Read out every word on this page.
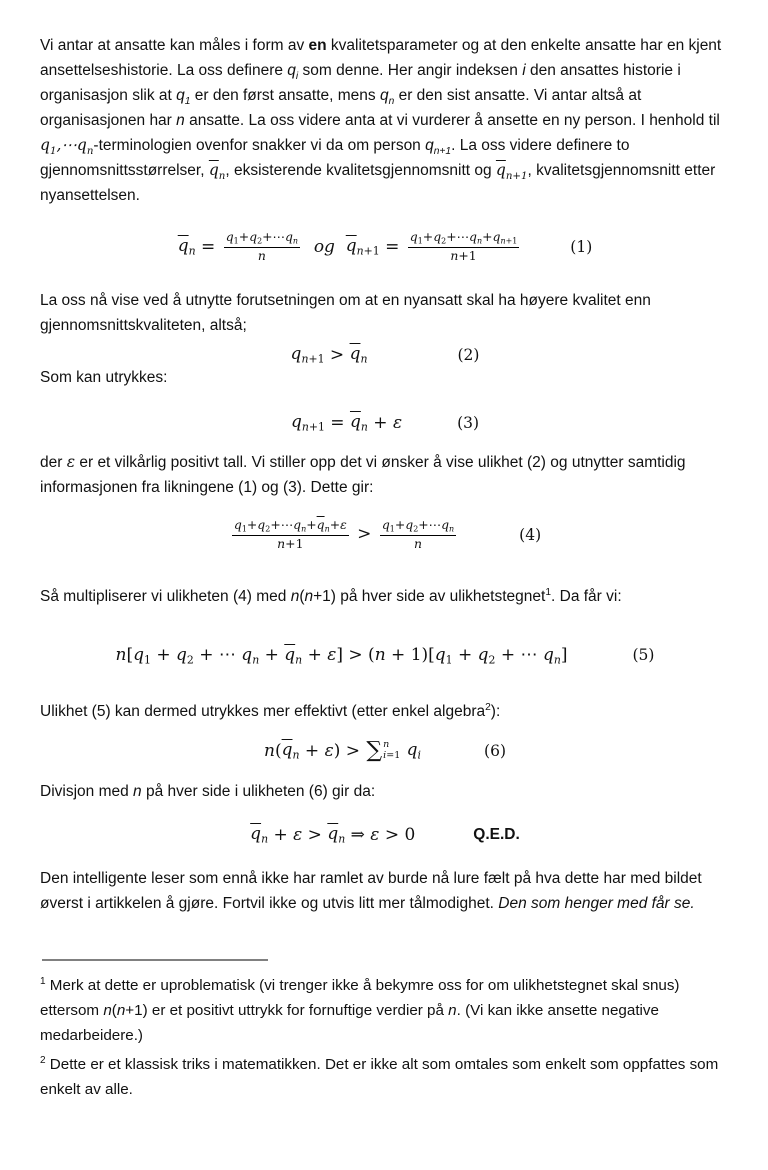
Vi antar at ansatte kan måles i form av en kvalitetsparameter og at den enkelte ansatte har en kjent ansettelseshistorie. La oss definere $q_i$ som denne. Her angir indeksen i den ansattes historie i organisasjon slik at $q_1$ er den først ansatte, mens $q_n$ er den sist ansatte. Vi antar altså at organisasjonen har n ansatte. La oss videre anta at vi vurderer å ansette en ny person. I henhold til $q_1,\cdots q_n$-terminologien ovenfor snakker vi da om person $q_{n+1}$. La oss videre definere to gjennomsnittsstørrelser, $\overline{q}_n$, eksisterende kvalitetsgjennomsnitt og $\overline{q}_{n+1}$, kvalitetsgjennomsnitt etter nyansettelsen.

$\overline{q}n = \frac{q1+q2+\cdots qn}{n}$ og $\overline{q}n+1 = \frac{q1+q2+\cdots qn+qn+1}{n+1}$	(1)

La oss nå vise ved å utnytte forutsetningen om at en nyansatt skal ha høyere kvalitet enn gjennomsnittskvaliteten, altså;

$qn+1 > \overline{q}n$	(2)

Som kan utrykkes:

$qn+1 = \overline{q}n + \varepsilon$	(3)

der ε er et vilkårlig positivt tall. Vi stiller opp det vi ønsker å vise ulikhet (2) og utnytter samtidig informasjonen fra likningene (1) og (3). Dette gir:

$\frac{q1+q2+\cdots qn+\overline{q}n+\varepsilon}{n+1} > \frac{q1+q2+\cdots qn}{n}$	(4)

Så multipliserer vi ulikheten (4) med n(n+1) på hver side av ulikhetstegnet$^1$. Da får vi:

n [ q1 + q2 + ⋯ qn + $\overline{q}n + \varepsilon$ ] > ( n + 1)[ q1 + q2 + ⋯ qn ]	(5)

Ulikhet (5) kan dermed utrykkes mer effektivt (etter enkel algebra$^2$):

n ( $\overline{q}n + \varepsilon$ ) > ∑ n
i=1
qi	(6)

Divisjon med n på hver side i ulikheten (6) gir da:

$\overline{q}n + \varepsilon > \overline{q}n$ ⇒ ε > 0	Q.E.D.

Den intelligente leser som ennå ikke har ramlet av burde nå lure fælt på hva dette har med bildet øverst i artikkelen å gjøre. Fortvil ikke og utvis litt mer tålmodighet. Den som henger med får se.

$^1$ Merk at dette er uproblematisk (vi trenger ikke å bekymre oss for om ulikhetstegnet skal snus) ettersom n(n+1) er et positivt uttrykk for fornuftige verdier på n. (Vi kan ikke ansette negative medarbeidere.)

$^2$ Dette er et klassisk triks i matematikken. Det er ikke alt som omtales som enkelt som oppfattes som enkelt av alle.
